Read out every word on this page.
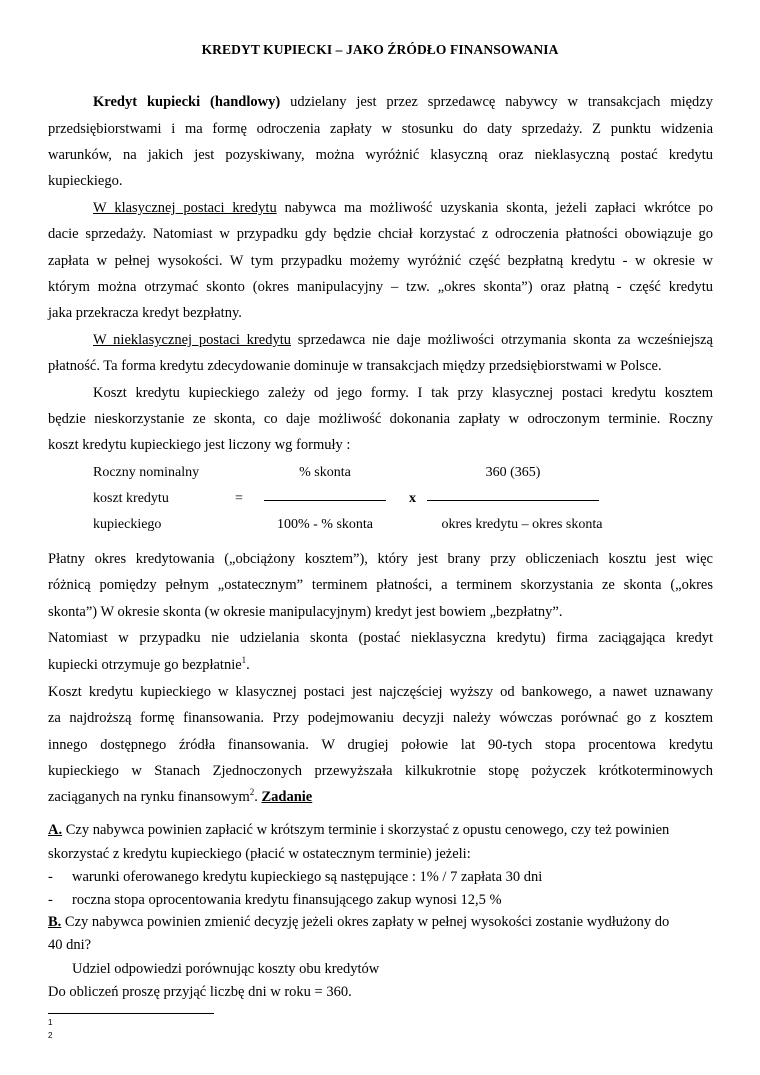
KREDYT KUPIECKI – JAKO ŹRÓDŁO FINANSOWANIA
Kredyt kupiecki (handlowy) udzielany jest przez sprzedawcę nabywcy w transakcjach między
przedsiębiorstwami i ma formę odroczenia zapłaty w stosunku do daty sprzedaży. Z punktu widzenia
warunków, na jakich jest pozyskiwany, można wyróżnić klasyczną oraz nieklasyczną postać kredytu
kupieckiego.
W klasycznej postaci kredytu nabywca ma możliwość uzyskania skonta, jeżeli zapłaci wkrótce po
dacie sprzedaży. Natomiast w przypadku gdy będzie chciał korzystać z odroczenia płatności obowiązuje go
zapłata w pełnej wysokości. W tym przypadku możemy wyróżnić część bezpłatną kredytu - w okresie w
którym można otrzymać skonto (okres manipulacyjny – tzw. „okres skonta”) oraz płatną - część kredytu
jaka przekracza kredyt bezpłatny.
W nieklasycznej postaci kredytu sprzedawca nie daje możliwości otrzymania skonta za wcześniejszą
płatność. Ta forma kredytu zdecydowanie dominuje w transakcjach między przedsiębiorstwami w Polsce.
Koszt kredytu kupieckiego zależy od jego formy. I tak przy klasycznej postaci kredytu kosztem
będzie nieskorzystanie ze skonta, co daje możliwość dokonania zapłaty w odroczonym terminie. Roczny
koszt kredytu kupieckiego jest liczony wg formuły :
Roczny nominalny
koszt kredytu
kupieckiego
=
% skonta
100% - % skonta
x
360 (365)
okres kredytu – okres skonta
Płatny okres kredytowania („obciążony kosztem”), który jest brany przy obliczeniach kosztu jest więc
różnicą pomiędzy pełnym „ostatecznym” terminem płatności, a terminem skorzystania ze skonta („okres
skonta”) W okresie skonta (w okresie manipulacyjnym) kredyt jest bowiem „bezpłatny”.
Natomiast w przypadku nie udzielania skonta (postać nieklasyczna kredytu) firma zaciągająca kredyt
kupiecki otrzymuje go bezpłatnie$^1$.
Koszt kredytu kupieckiego w klasycznej postaci jest najczęściej wyższy od bankowego, a nawet uznawany
za najdroższą formę finansowania. Przy podejmowaniu decyzji należy wówczas porównać go z kosztem
innego dostępnego źródła finansowania. W drugiej połowie lat 90-tych stopa procentowa kredytu
kupieckiego w Stanach Zjednoczonych przewyższała kilkukrotnie stopę pożyczek krótkoterminowych
zaciąganych na rynku finansowym$^2$. Zadanie
A. Czy nabywca powinien zapłacić w krótszym terminie i skorzystać z opustu cenowego, czy też powinien
skorzystać z kredytu kupieckiego (płacić w ostatecznym terminie) jeżeli:
- warunki oferowanego kredytu kupieckiego są następujące : 1% / 7 zapłata 30 dni
- roczna stopa oprocentowania kredytu finansującego zakup wynosi 12,5 %
B. Czy nabywca powinien zmienić decyzję jeżeli okres zapłaty w pełnej wysokości zostanie wydłużony do
40 dni?
Udziel odpowiedzi porównując koszty obu kredytów
Do obliczeń proszę przyjąć liczbę dni w roku = 360.
1
2
